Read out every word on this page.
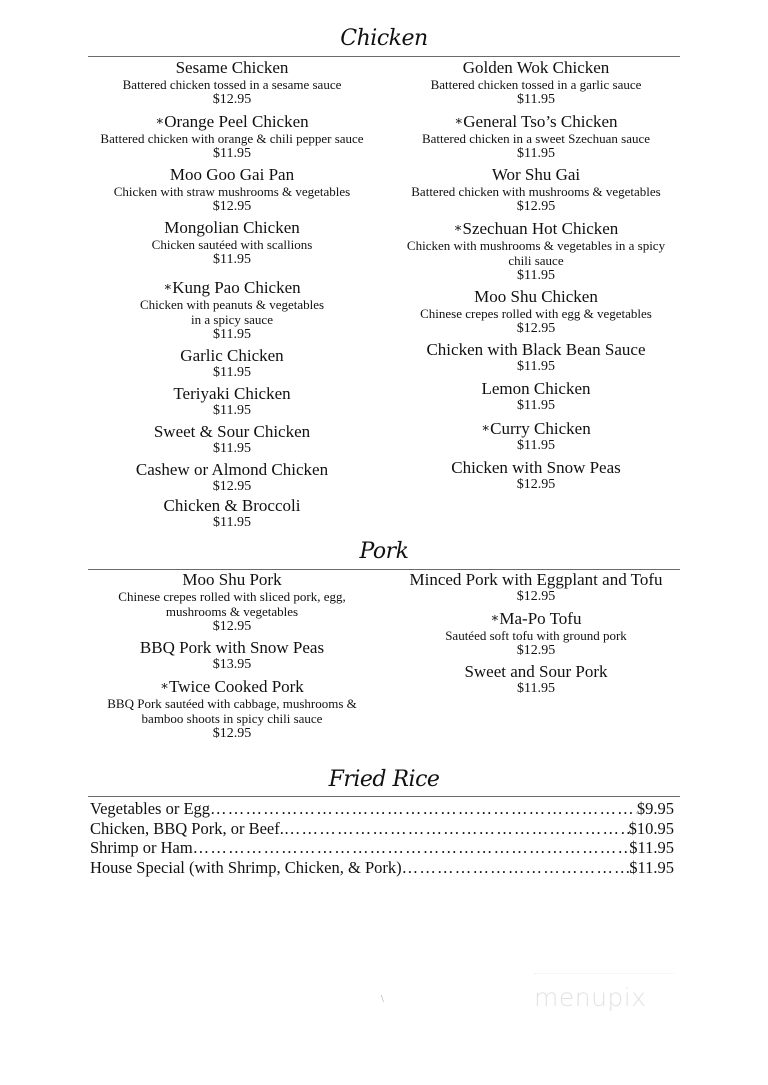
Chicken
Sesame Chicken
Battered chicken tossed in a sesame sauce
$12.95
∗Orange Peel Chicken
Battered chicken with orange & chili pepper sauce
$11.95
Moo Goo Gai Pan
Chicken with straw mushrooms & vegetables
$12.95
Mongolian Chicken
Chicken sautéed with scallions
$11.95
∗Kung Pao Chicken
Chicken with peanuts & vegetables
in a spicy sauce
$11.95
Garlic Chicken
$11.95
Teriyaki Chicken
$11.95
Sweet & Sour Chicken
$11.95
Cashew or Almond Chicken
$12.95
Chicken & Broccoli
$11.95
Golden Wok Chicken
Battered chicken tossed in a garlic sauce
$11.95
∗General Tso’s Chicken
Battered chicken in a sweet Szechuan sauce
$11.95
Wor Shu Gai
Battered chicken with mushrooms & vegetables
$12.95
∗Szechuan Hot Chicken
Chicken with mushrooms & vegetables in a spicy
chili sauce
$11.95
Moo Shu Chicken
Chinese crepes rolled with egg & vegetables
$12.95
Chicken with Black Bean Sauce
$11.95
Lemon Chicken
$11.95
∗Curry Chicken
$11.95
Chicken with Snow Peas
$12.95
Pork
Moo Shu Pork
Chinese crepes rolled with sliced pork, egg,
mushrooms & vegetables
$12.95
BBQ Pork with Snow Peas
$13.95
∗Twice Cooked Pork
BBQ Pork sautéed with cabbage, mushrooms &
bamboo shoots in spicy chili sauce
$12.95
Minced Pork with Eggplant and Tofu
$12.95
∗Ma-Po Tofu
Sautéed soft tofu with ground pork
$12.95
Sweet and Sour Pork
$11.95
Fried Rice
Vegetables or Egg …………………………………………………………………………………………………………………………………………………………………	$9.95
Chicken, BBQ Pork, or Beef. …………………………………………………………………………………………………………………………………………………………………	$10.95
Shrimp or Ham …………………………………………………………………………………………………………………………………………………………………	$11.95
House Special (with Shrimp, Chicken, & Pork) …………………………………………………………………………………………………………………………………………………………………	$11.95
\	menupix
